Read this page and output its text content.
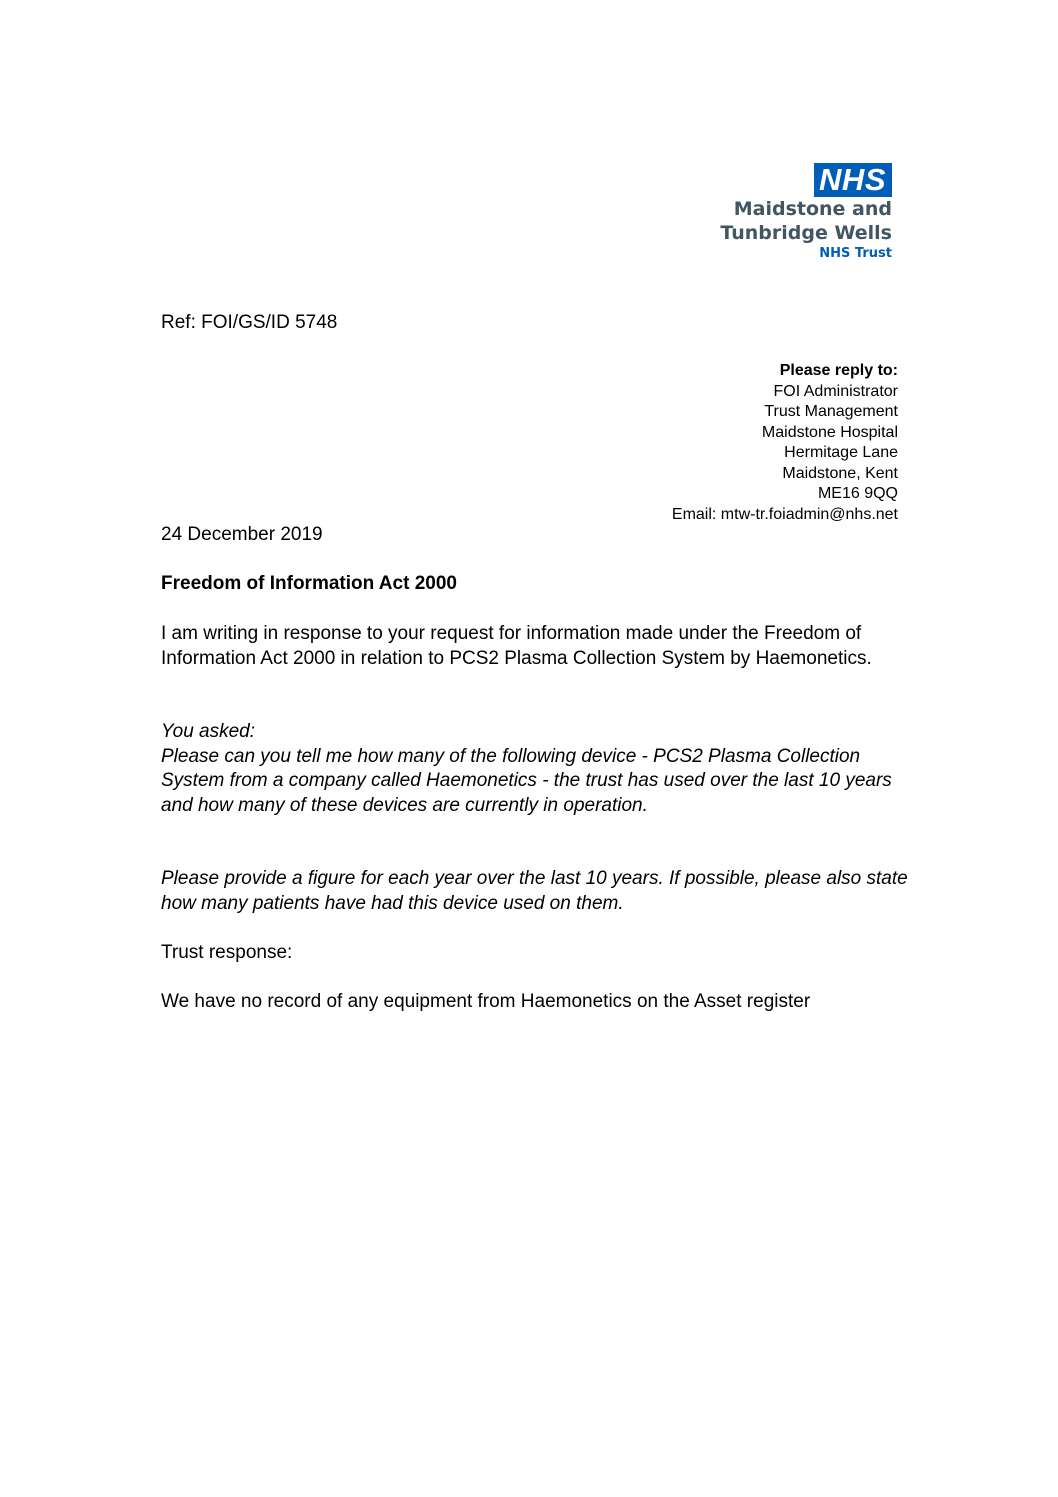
NHS
Maidstone and
Tunbridge Wells
NHS Trust
Ref: FOI/GS/ID 5748
Please reply to:
FOI Administrator
Trust Management
Maidstone Hospital
Hermitage Lane
Maidstone, Kent
ME16 9QQ
Email: mtw-tr.foiadmin@nhs.net
24 December 2019
Freedom of Information Act 2000

I am writing in response to your request for information made under the Freedom of Information Act 2000 in relation to PCS2 Plasma Collection System by Haemonetics.

You asked:
Please can you tell me how many of the following device - PCS2 Plasma Collection System from a company called Haemonetics - the trust has used over the last 10 years and how many of these devices are currently in operation.

Please provide a figure for each year over the last 10 years. If possible, please also state how many patients have had this device used on them.

Trust response:

We have no record of any equipment from Haemonetics on the Asset register
